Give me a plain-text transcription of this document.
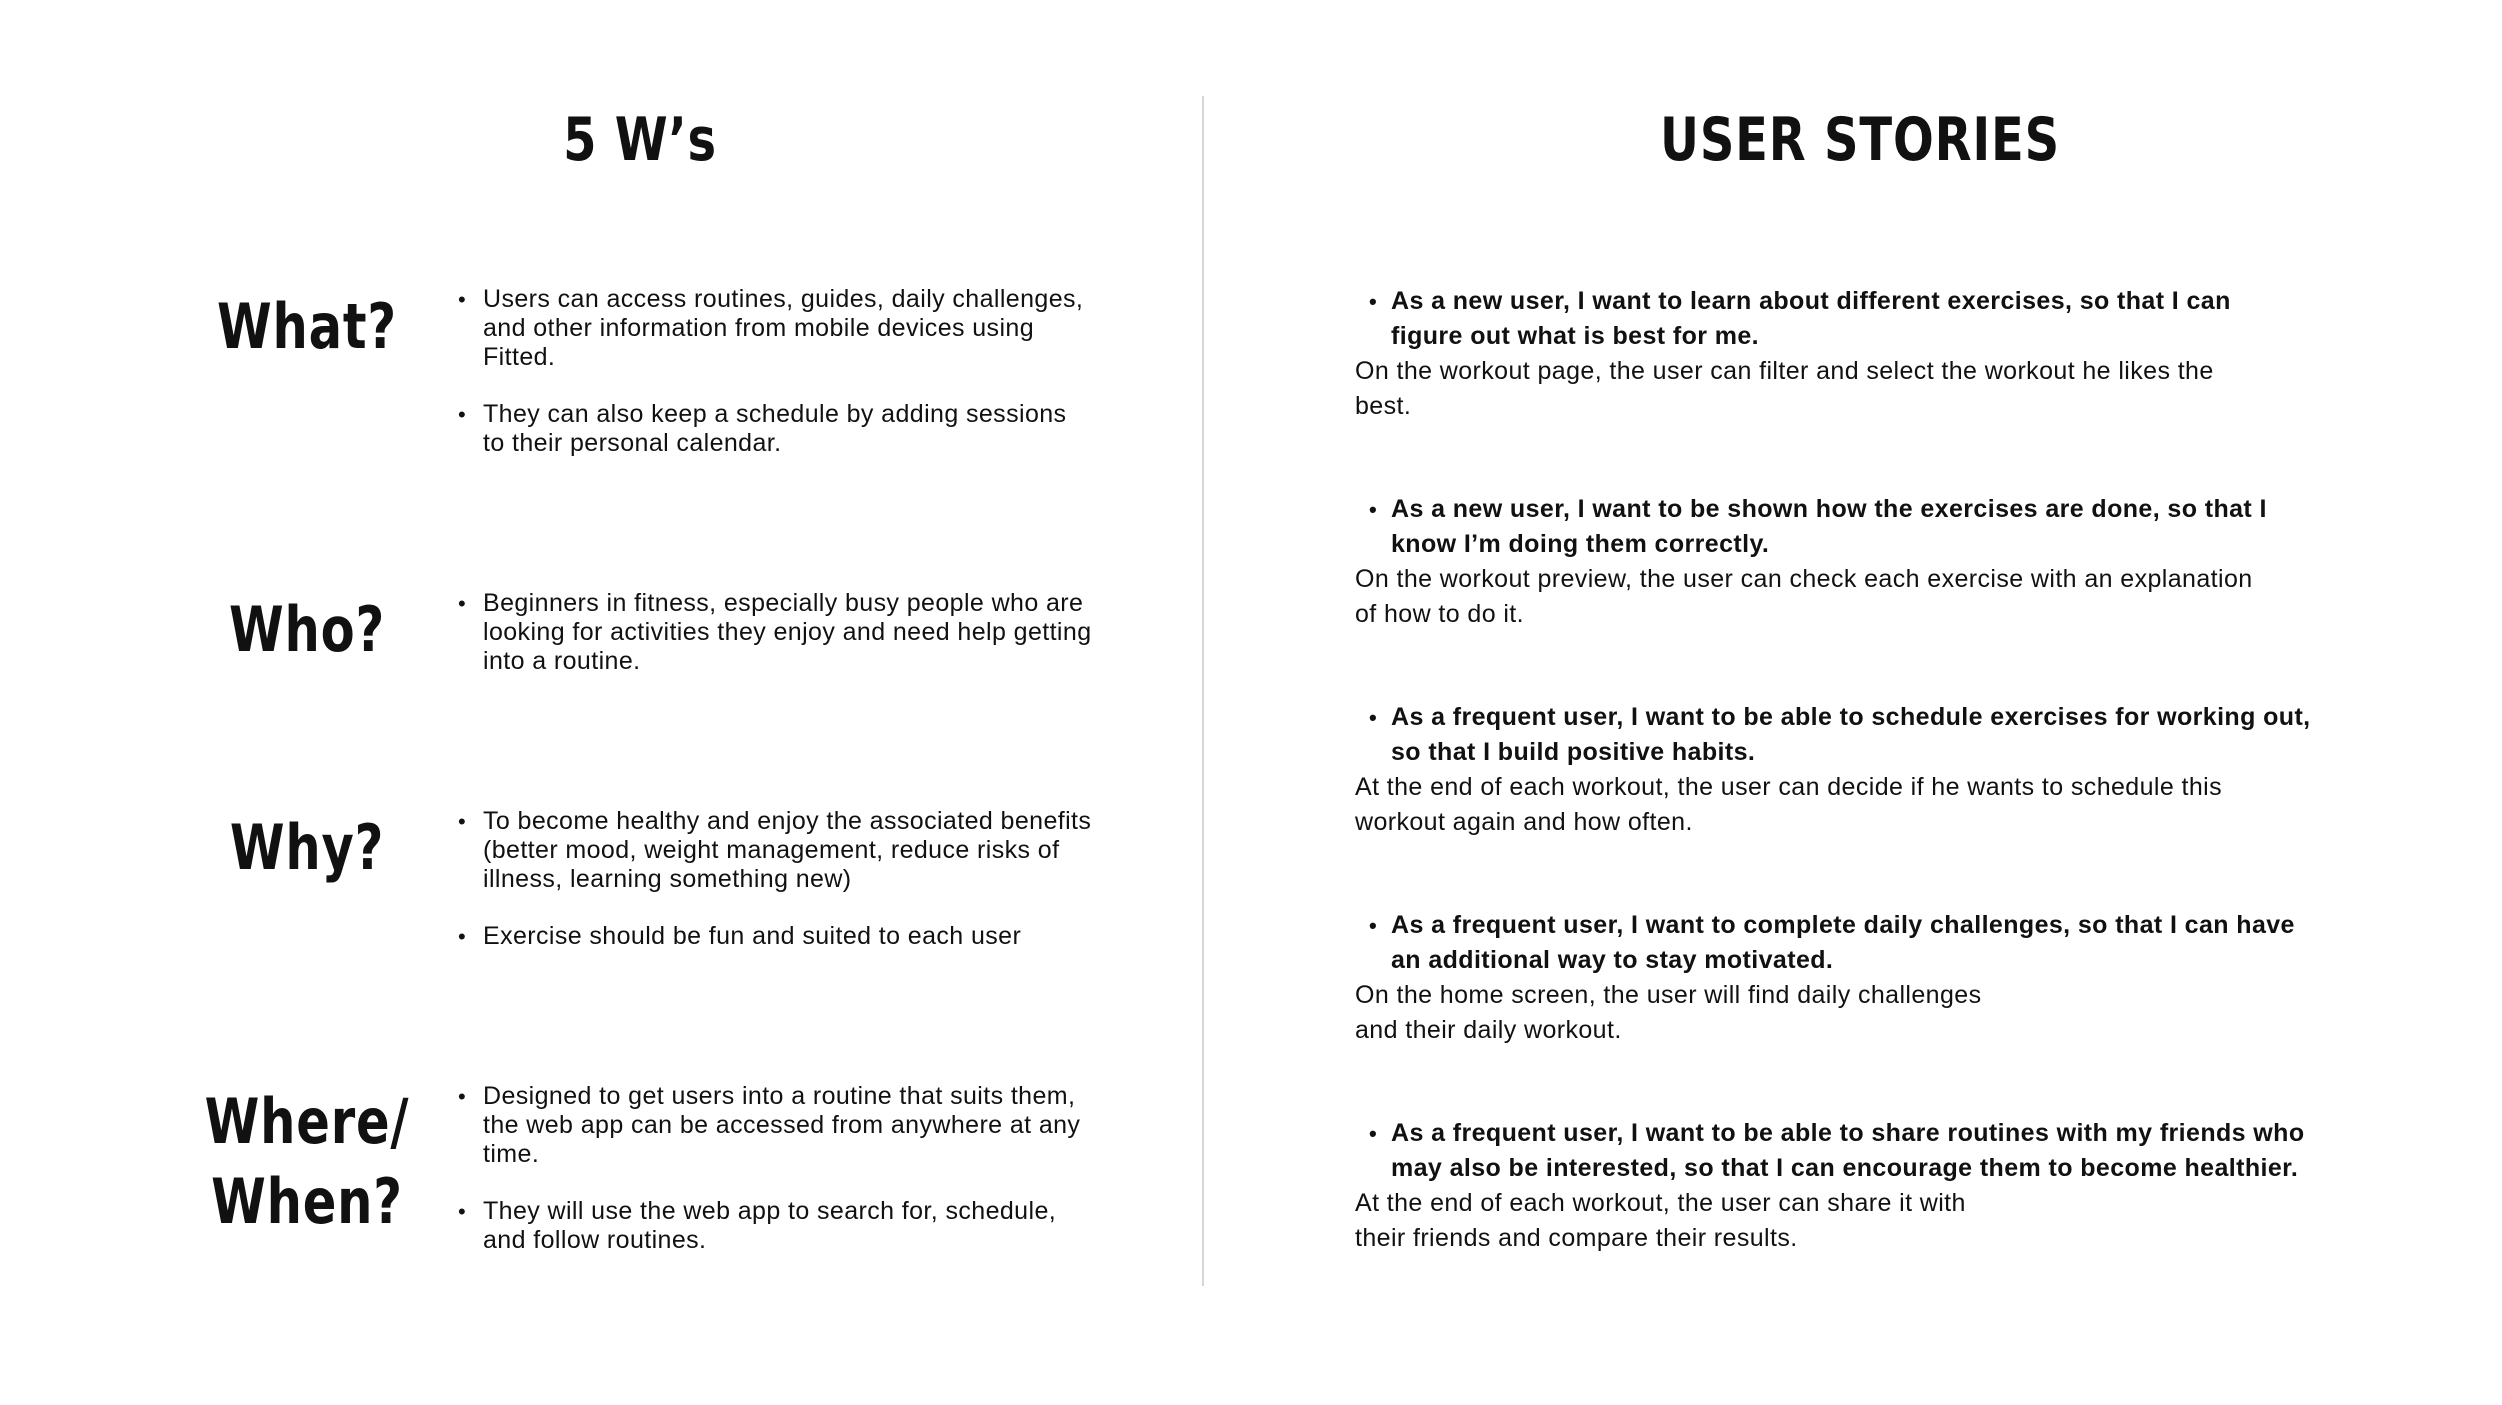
5 W’s	USER STORIES
What?	• Users can access routines, guides, daily challenges, and other information from mobile devices using Fitted.
• They can also keep a schedule by adding sessions to their personal calendar.
Who?	• Beginners in fitness, especially busy people who are looking for activities they enjoy and need help getting into a routine.
Why?	• To become healthy and enjoy the associated benefits (better mood, weight management, reduce risks of illness, learning something new)
• Exercise should be fun and suited to each user
Where/
When?
• Designed to get users into a routine that suits them, the web app can be accessed from anywhere at any time.
• They will use the web app to search for, schedule, and follow routines.

• As a new user, I want to learn about different exercises, so that I can
figure out what is best for me.

On the workout page, the user can filter and select the workout he likes the
best.

• As a new user, I want to be shown how the exercises are done, so that I
know I’m doing them correctly.

On the workout preview, the user can check each exercise with an explanation
of how to do it.

• As a frequent user, I want to be able to schedule exercises for working out,
so that I build positive habits.

At the end of each workout, the user can decide if he wants to schedule this
workout again and how often.

• As a frequent user, I want to complete daily challenges, so that I can have
an additional way to stay motivated.

On the home screen, the user will find daily challenges
and their daily workout.

• As a frequent user, I want to be able to share routines with my friends who
may also be interested, so that I can encourage them to become healthier.

At the end of each workout, the user can share it with
their friends and compare their results.
